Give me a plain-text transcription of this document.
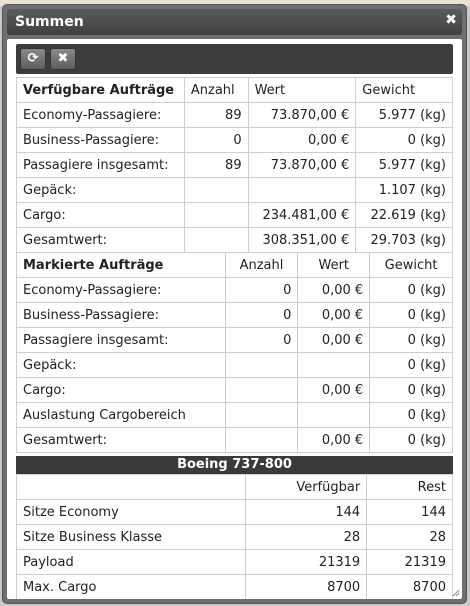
Summen	✖
⟳	✖
Verfügbare Aufträge	Anzahl	Wert	Gewicht
Economy-Passagiere:	89	73.870,00 €	5.977 (kg)
Business-Passagiere:	0	0,00 €	0 (kg)
Passagiere insgesamt:	89	73.870,00 €	5.977 (kg)
Gepäck:			1.107 (kg)
Cargo:		234.481,00 €	22.619 (kg)
Gesamtwert:		308.351,00 €	29.703 (kg)
Markierte Aufträge	Anzahl	Wert	Gewicht
Economy-Passagiere:	0	0,00 €	0 (kg)
Business-Passagiere:	0	0,00 €	0 (kg)
Passagiere insgesamt:	0	0,00 €	0 (kg)
Gepäck:			0 (kg)
Cargo:		0,00 €	0 (kg)
Auslastung Cargobereich			0 (kg)
Gesamtwert:		0,00 €	0 (kg)
Boeing 737-800
	Verfügbar	Rest
Sitze Economy	144	144
Sitze Business Klasse	28	28
Payload	21319	21319
Max. Cargo	8700	8700
